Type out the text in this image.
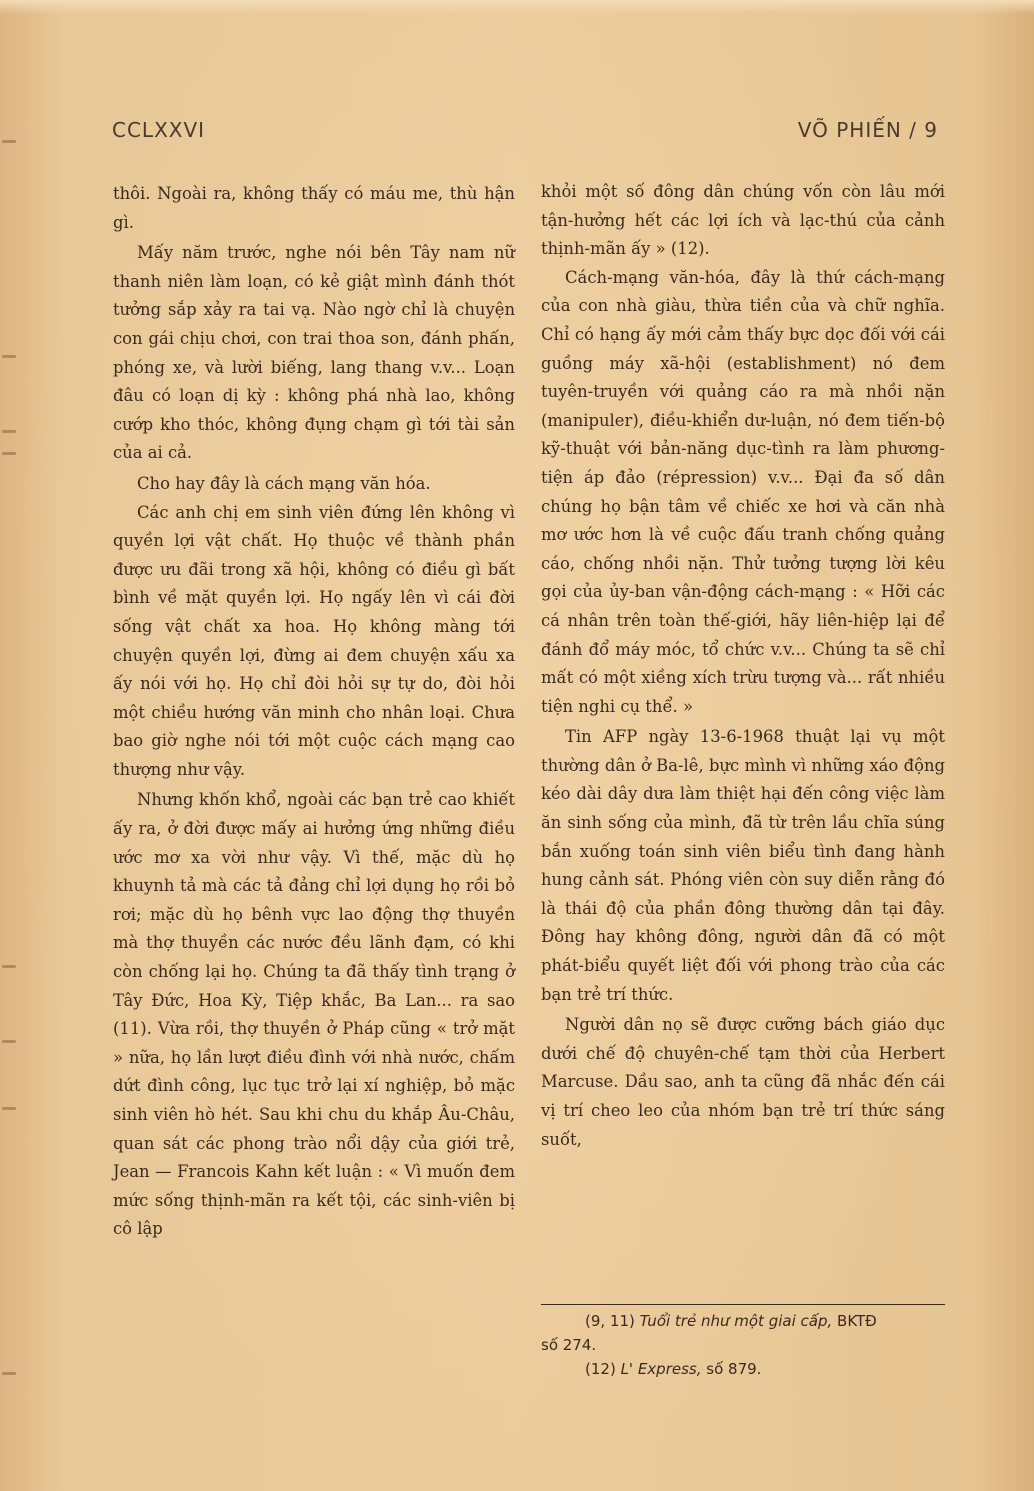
CCLXXVI	VÕ PHIẾN / 9

thôi. Ngoài ra, không thấy có máu me, thù hận gì.

Mấy năm trước, nghe nói bên Tây nam nữ thanh niên làm loạn, có kẻ giật mình đánh thót tưởng sắp xảy ra tai vạ. Nào ngờ chỉ là chuyện con gái chịu chơi, con trai thoa son, đánh phấn, phóng xe, và lười biếng, lang thang v.v... Loạn đâu có loạn dị kỳ : không phá nhà lao, không cướp kho thóc, không đụng chạm gì tới tài sản của ai cả.

Cho hay đây là cách mạng văn hóa.

Các anh chị em sinh viên đứng lên không vì quyền lợi vật chất. Họ thuộc về thành phần được ưu đãi trong xã hội, không có điều gì bất bình về mặt quyền lợi. Họ ngấy lên vì cái đời sống vật chất xa hoa. Họ không màng tới chuyện quyền lợi, đừng ai đem chuyện xấu xa ấy nói với họ. Họ chỉ đòi hỏi sự tự do, đòi hỏi một chiều hướng văn minh cho nhân loại. Chưa bao giờ nghe nói tới một cuộc cách mạng cao thượng như vậy.

Nhưng khốn khổ, ngoài các bạn trẻ cao khiết ấy ra, ở đời được mấy ai hưởng ứng những điều ước mơ xa vời như vậy. Vì thế, mặc dù họ khuynh tả mà các tả đảng chỉ lợi dụng họ rồi bỏ rơi; mặc dù họ bênh vực lao động thợ thuyền mà thợ thuyền các nước đều lãnh đạm, có khi còn chống lại họ. Chúng ta đã thấy tình trạng ở Tây Đức, Hoa Kỳ, Tiệp khắc, Ba Lan... ra sao (11). Vừa rồi, thợ thuyền ở Pháp cũng « trở mặt » nữa, họ lần lượt điều đình với nhà nước, chấm dứt đình công, lục tục trở lại xí nghiệp, bỏ mặc sinh viên hò hét. Sau khi chu du khắp Âu-Châu, quan sát các phong trào nổi dậy của giới trẻ, Jean — Francois Kahn kết luận : « Vì muốn đem mức sống thịnh-mãn ra kết tội, các sinh-viên bị cô lập

khỏi một số đông dân chúng vốn còn lâu mới tận-hưởng hết các lợi ích và lạc-thú của cảnh thịnh-mãn ấy » (12).

Cách-mạng văn-hóa, đây là thứ cách-mạng của con nhà giàu, thừa tiền của và chữ nghĩa. Chỉ có hạng ấy mới cảm thấy bực dọc đối với cái guồng máy xã-hội (establishment) nó đem tuyên-truyền với quảng cáo ra mà nhồi nặn (manipuler), điều-khiển dư-luận, nó đem tiến-bộ kỹ-thuật với bản-năng dục-tình ra làm phương-tiện áp đảo (répression) v.v... Đại đa số dân chúng họ bận tâm về chiếc xe hơi và căn nhà mơ ước hơn là về cuộc đấu tranh chống quảng cáo, chống nhồi nặn. Thử tưởng tượng lời kêu gọi của ủy-ban vận-động cách-mạng : « Hỡi các cá nhân trên toàn thế-giới, hãy liên-hiệp lại để đánh đổ máy móc, tổ chức v.v... Chúng ta sẽ chỉ mất có một xiềng xích trừu tượng và... rất nhiều tiện nghi cụ thể. »

Tin AFP ngày 13-6-1968 thuật lại vụ một thường dân ở Ba-lê, bực mình vì những xáo động kéo dài dây dưa làm thiệt hại đến công việc làm ăn sinh sống của mình, đã từ trên lầu chĩa súng bắn xuống toán sinh viên biểu tình đang hành hung cảnh sát. Phóng viên còn suy diễn rằng đó là thái độ của phần đông thường dân tại đây. Đông hay không đông, người dân đã có một phát-biểu quyết liệt đối với phong trào của các bạn trẻ trí thức.

Người dân nọ sẽ được cưỡng bách giáo dục dưới chế độ chuyên-chế tạm thời của Herbert Marcuse. Dầu sao, anh ta cũng đã nhắc đến cái vị trí cheo leo của nhóm bạn trẻ trí thức sáng suốt,

(9, 11) Tuổi trẻ như một giai cấp, BKTĐ

số 274.

(12) L' Express, số 879.
